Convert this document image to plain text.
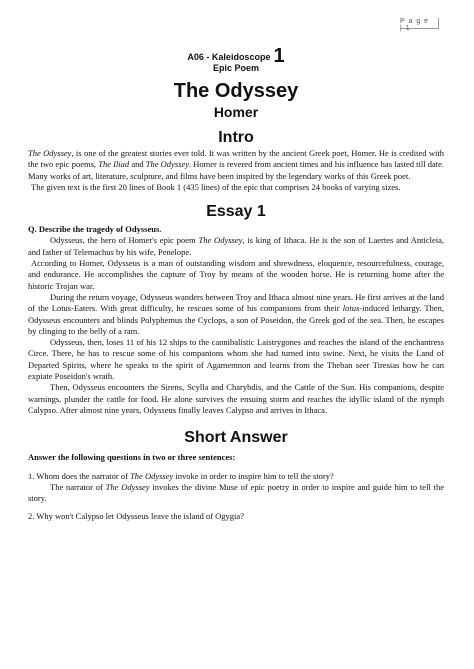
P a g e | 1
A06 - Kaleidoscope 1
Epic Poem
The Odyssey
Homer
Intro

The Odyssey, is one of the greatest stories ever told. It was written by the ancient Greek poet, Homer. He is credited with the two epic poems, The Iliad and The Odyssey. Homer is revered from ancient times and his influence has lasted till date. Many works of art, literature, sculpture, and films have been inspired by the legendary works of this Greek poet.

The given text is the first 20 lines of Book 1 (435 lines) of the epic that comprises 24 books of varying sizes.

Essay 1

Q. Describe the tragedy of Odysseus.

Odysseus, the hero of Homer's epic poem The Odyssey, is king of Ithaca. He is the son of Laertes and Anticleia, and father of Telemachus by his wife, Penelope.

According to Homer, Odysseus is a man of outstanding wisdom and shrewdness, eloquence, resourcefulness, courage, and endurance. He accomplishes the capture of Troy by means of the wooden horse. He is returning home after the historic Trojan war.

During the return voyage, Odysseus wanders between Troy and Ithaca almost nine years. He first arrives at the land of the Lotus-Eaters. With great difficulty, he rescues some of his companions from their lotus-induced lethargy. Then, Odysseus encounters and blinds Polyphemus the Cyclops, a son of Poseidon, the Greek god of the sea. Then, he escapes by clinging to the belly of a ram.

Odysseus, then, loses 11 of his 12 ships to the cannibalistic Laistrygones and reaches the island of the enchantress Circe. There, he has to rescue some of his companions whom she had turned into swine. Next, he visits the Land of Departed Spirits, where he speaks to the spirit of Agamemnon and learns from the Theban seer Tiresias how he can expiate Poseidon's wrath.

Then, Odysseus encounters the Sirens, Scylla and Charybdis, and the Cattle of the Sun. His companions, despite warnings, plunder the cattle for food. He alone survives the ensuing storm and reaches the idyllic island of the nymph Calypso. After almost nine years, Odysseus finally leaves Calypso and arrives in Ithaca.

Short Answer

Answer the following questions in two or three sentences:

1. Whom does the narrator of The Odyssey invoke in order to inspire him to tell the story?

The narrator of The Odyssey invokes the divine Muse of epic poetry in order to inspire and guide him to tell the story.

2. Why won't Calypso let Odysseus leave the island of Ogygia?
